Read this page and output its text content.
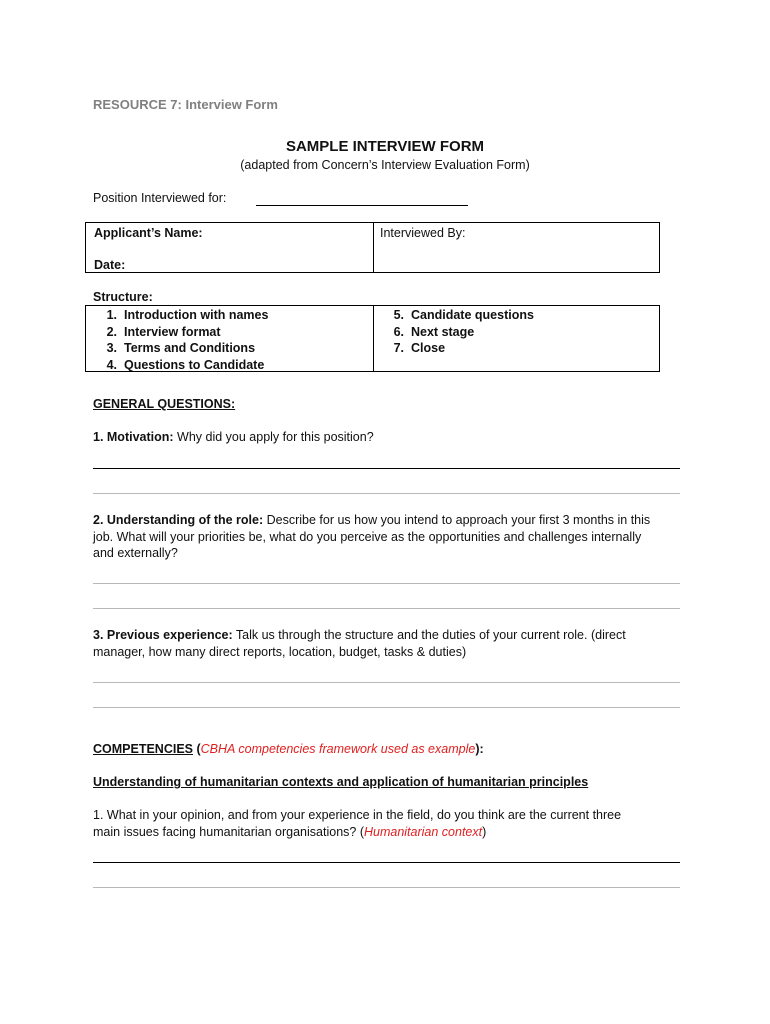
RESOURCE 7: Interview Form
SAMPLE INTERVIEW FORM
(adapted from Concern’s Interview Evaluation Form)
Position Interviewed for:
Applicant’s Name:
Date:
Interviewed By:
Structure:
1. Introduction with names
2. Interview format
3. Terms and Conditions
4. Questions to Candidate
5. Candidate questions
6. Next stage
7. Close
GENERAL QUESTIONS:
1. Motivation: Why did you apply for this position?
2. Understanding of the role: Describe for us how you intend to approach your first 3 months in this
job. What will your priorities be, what do you perceive as the opportunities and challenges internally
and externally?
3. Previous experience: Talk us through the structure and the duties of your current role. (direct
manager, how many direct reports, location, budget, tasks & duties)
COMPETENCIES (CBHA competencies framework used as example):
Understanding of humanitarian contexts and application of humanitarian principles
1. What in your opinion, and from your experience in the field, do you think are the current three
main issues facing humanitarian organisations? (Humanitarian context)
